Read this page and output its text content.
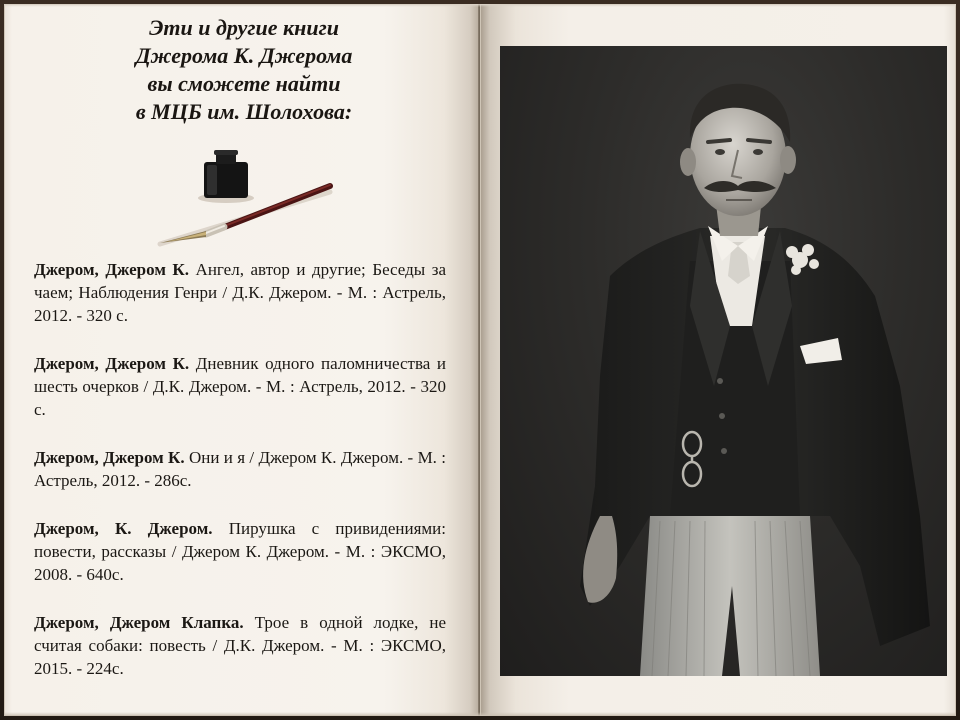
Эти и другие книги
Джерома К. Джерома
вы сможете найти
в МЦБ им. Шолохова:

Джером, Джером К. Ангел, автор и другие; Беседы за чаем; Наблюдения Генри / Д.К. Джером. - М. : Астрель, 2012. - 320 с.

Джером, Джером К. Дневник одного паломничества и шесть очерков / Д.К. Джером. - М. : Астрель, 2012. - 320 с.

Джером, Джером К. Они и я / Джером К. Джером. - М. : Астрель, 2012. - 286с.

Джером, К. Джером. Пирушка с привидениями: повести, рассказы / Джером К. Джером. - М. : ЭКСМО, 2008. - 640с.

Джером, Джером Клапка. Трое в одной лодке, не считая собаки: повесть / Д.К. Джером. - М. : ЭКСМО, 2015. - 224с.
